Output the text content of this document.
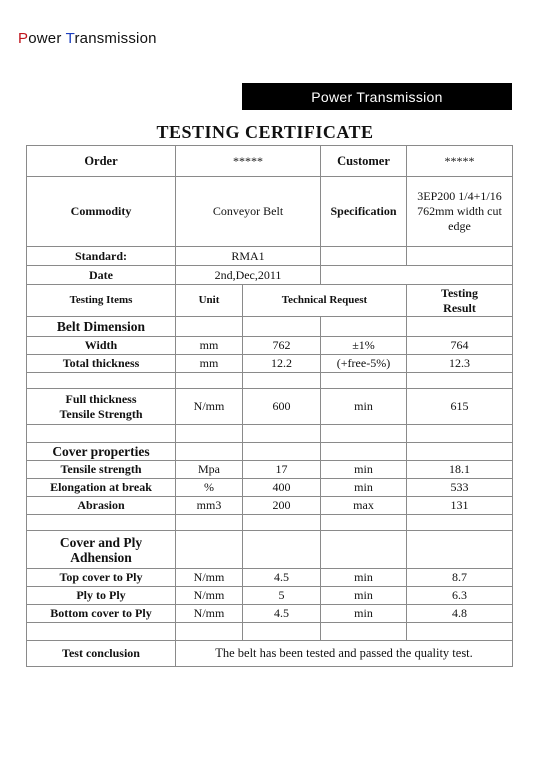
Power Transmission
Power Transmission
TESTING CERTIFICATE
Order	*****		Customer	*****
Commodity	Conveyor Belt		Specification	3EP200 1/4+1/16
762mm width cut
edge

Standard:	RMA1			
Date	2nd,Dec,2011			
Testing Items	Unit	Technical Request		Testing
Result

Belt Dimension				
Width	mm	762	±1%	764
Total thickness	mm	12.2	(+free-5%)	12.3

Full thickness
Tensile Strength	N/mm	600	min	615

Cover properties				
Tensile strength	Mpa	17	min	18.1
Elongation at break	%	400	min	533
Abrasion	mm3	200	max	131

Cover and Ply
Adhension				

Top cover to Ply	N/mm	4.5	min	8.7
Ply to Ply	N/mm	5	min	6.3
Bottom cover to Ply	N/mm	4.5	min	4.8

Test conclusion	The belt has been tested and passed the quality test.			
